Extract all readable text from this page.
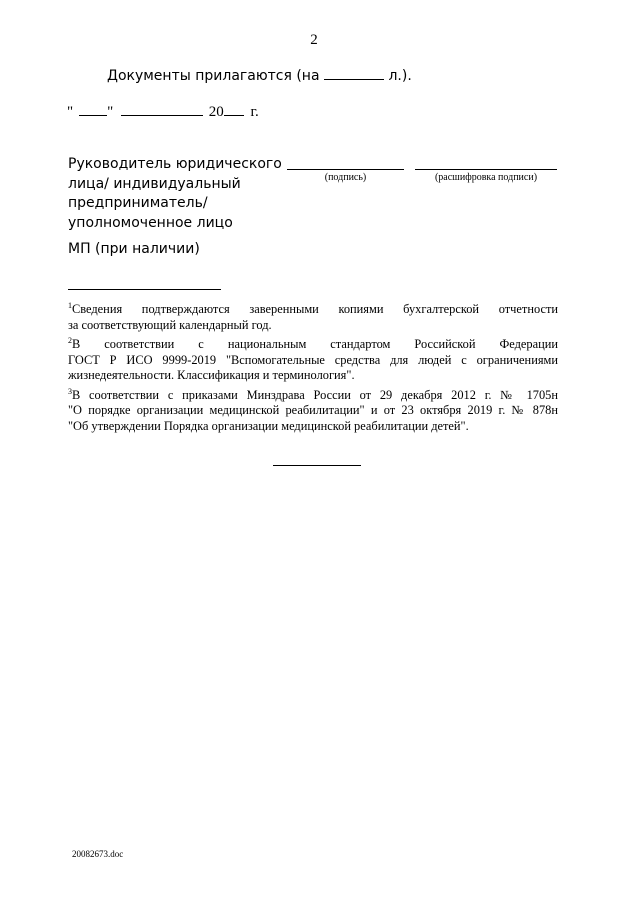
2
Документы прилагаются (на	л.).
" "	20 г.
Руководитель юридического
лица/ индивидуальный
предприниматель/
уполномоченное лицо
(подпись)	(расшифровка подписи)
МП (при наличии)
$^1$Сведения подтверждаются заверенными копиями бухгалтерской отчетности
за соответствующий календарный год.
$^2$В соответствии с национальным стандартом Российской Федерации
ГОСТ Р ИСО 9999-2019 "Вспомогательные средства для людей с ограничениями
жизнедеятельности. Классификация и терминология".
$^3$В соответствии с приказами Минздрава России от 29 декабря 2012 г. № 1705н
"О порядке организации медицинской реабилитации" и от 23 октября 2019 г. № 878н
"Об утверждении Порядка организации медицинской реабилитации детей".
20082673.doc
